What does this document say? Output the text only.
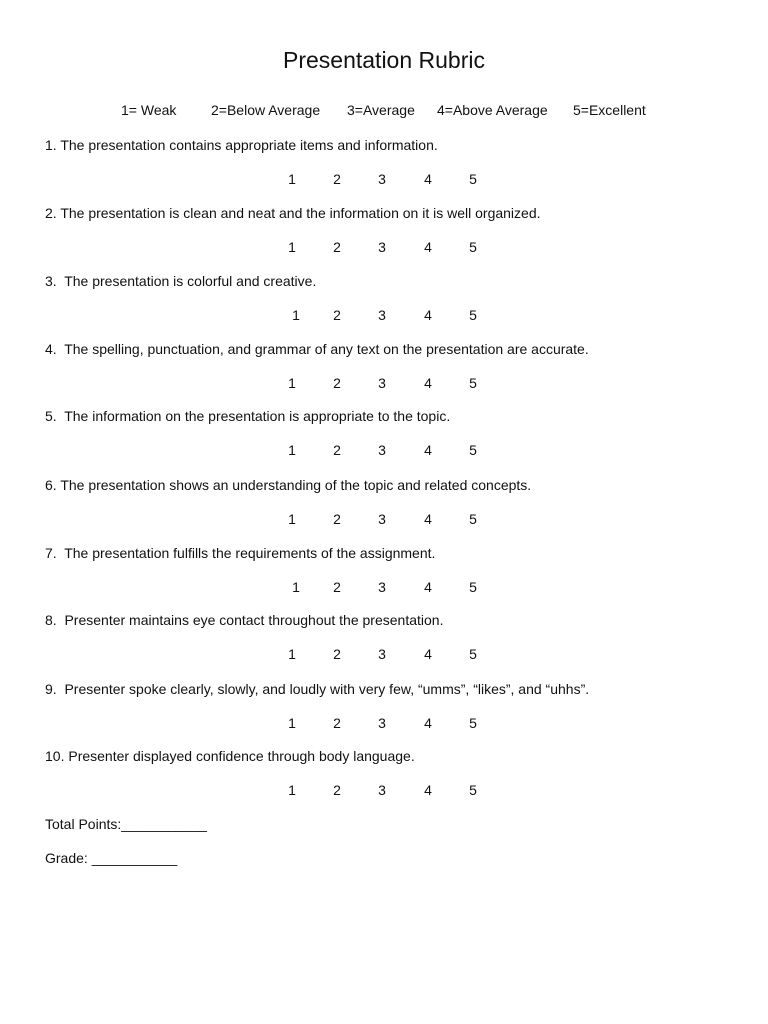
Presentation Rubric
1= Weak 2=Below Average 3=Average 4=Above Average 5=Excellent
1. The presentation contains appropriate items and information.
1	2	3	4	5
2. The presentation is clean and neat and the information on it is well organized.
1	2	3	4	5
3.  The presentation is colorful and creative.
1	2	3	4	5
4.  The spelling, punctuation, and grammar of any text on the presentation are accurate.
1	2	3	4	5
5.  The information on the presentation is appropriate to the topic.
1	2	3	4	5
6. The presentation shows an understanding of the topic and related concepts.
1	2	3	4	5
7.  The presentation fulfills the requirements of the assignment.
1	2	3	4	5
8.  Presenter maintains eye contact throughout the presentation.
1	2	3	4	5
9.  Presenter spoke clearly, slowly, and loudly with very few, “umms”, “likes”, and “uhhs”.
1	2	3	4	5
10. Presenter displayed confidence through body language.
1	2	3	4	5
Total Points:___________
Grade: ___________
